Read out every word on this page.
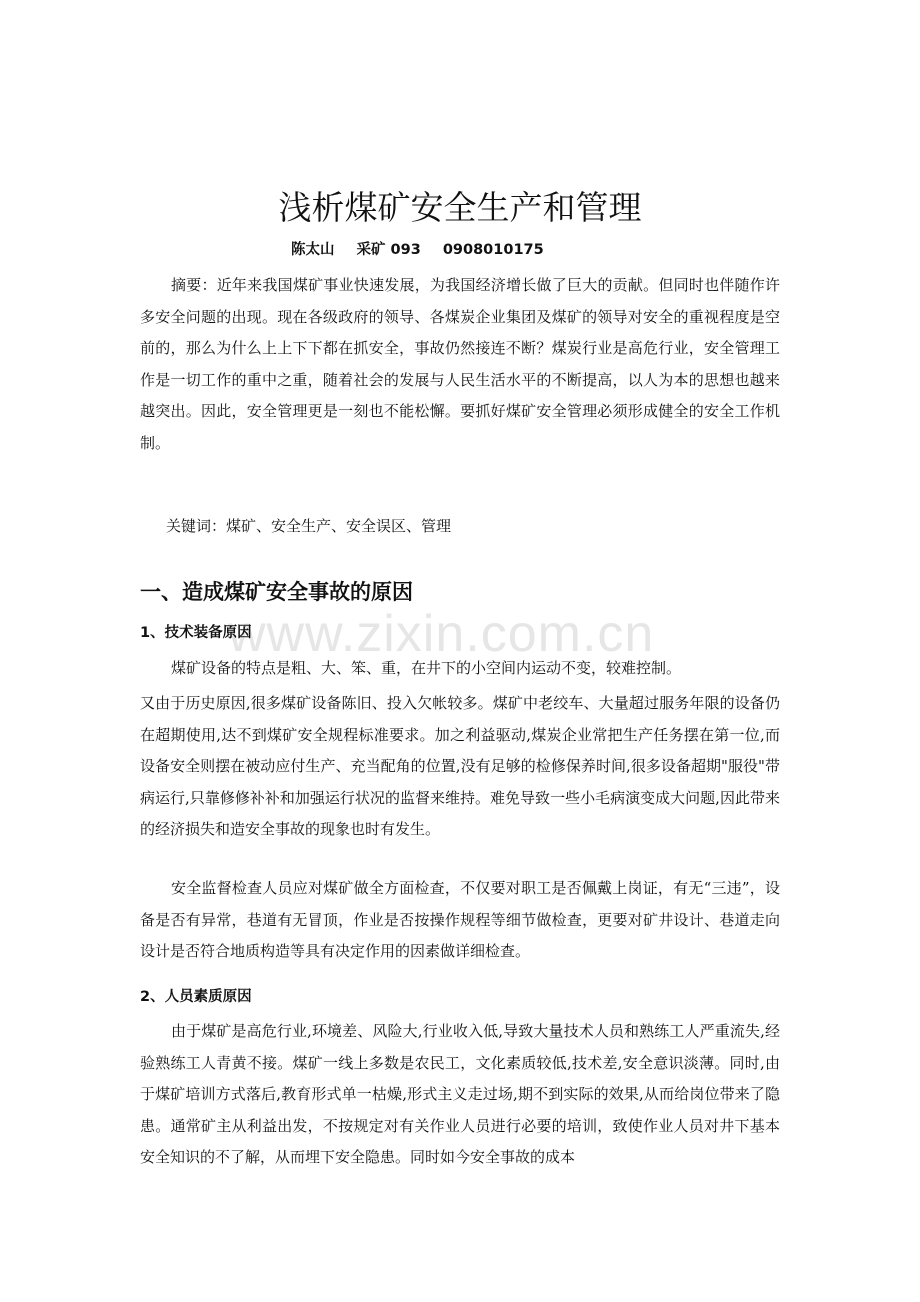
www.zixin.com.cn
浅析煤矿安全生产和管理
陈太山 采矿 093 0908010175

摘要：近年来我国煤矿事业快速发展，为我国经济增长做了巨大的贡献。但同时也伴随作许多安全问题的出现。现在各级政府的领导、各煤炭企业集团及煤矿的领导对安全的重视程度是空前的，那么为什么上上下下都在抓安全，事故仍然接连不断？煤炭行业是高危行业，安全管理工作是一切工作的重中之重，随着社会的发展与人民生活水平的不断提高，以人为本的思想也越来越突出。因此，安全管理更是一刻也不能松懈。要抓好煤矿安全管理必须形成健全的安全工作机制。

关键词：煤矿、安全生产、安全误区、管理
一、造成煤矿安全事故的原因
1、技术装备原因

煤矿设备的特点是粗、大、笨、重，在井下的小空间内运动不变，较难控制。

又由于历史原因,很多煤矿设备陈旧、投入欠帐较多。煤矿中老绞车、大量超过服务年限的设备仍在超期使用,达不到煤矿安全规程标准要求。加之利益驱动,煤炭企业常把生产任务摆在第一位,而设备安全则摆在被动应付生产、充当配角的位置,没有足够的检修保养时间,很多设备超期"服役"带病运行,只靠修修补补和加强运行状况的监督来维持。难免导致一些小毛病演变成大问题,因此带来的经济损失和造安全事故的现象也时有发生。

安全监督检查人员应对煤矿做全方面检查，不仅要对职工是否佩戴上岗证，有无“三违”，设备是否有异常，巷道有无冒顶，作业是否按操作规程等细节做检查，更要对矿井设计、巷道走向设计是否符合地质构造等具有决定作用的因素做详细检查。

2、人员素质原因

由于煤矿是高危行业,环境差、风险大,行业收入低,导致大量技术人员和熟练工人严重流失,经验熟练工人青黄不接。煤矿一线上多数是农民工，文化素质较低,技术差,安全意识淡薄。同时,由于煤矿培训方式落后,教育形式单一枯燥,形式主义走过场,期不到实际的效果,从而给岗位带来了隐患。通常矿主从利益出发，不按规定对有关作业人员进行必要的培训，致使作业人员对井下基本安全知识的不了解，从而埋下安全隐患。同时如今安全事故的成本
